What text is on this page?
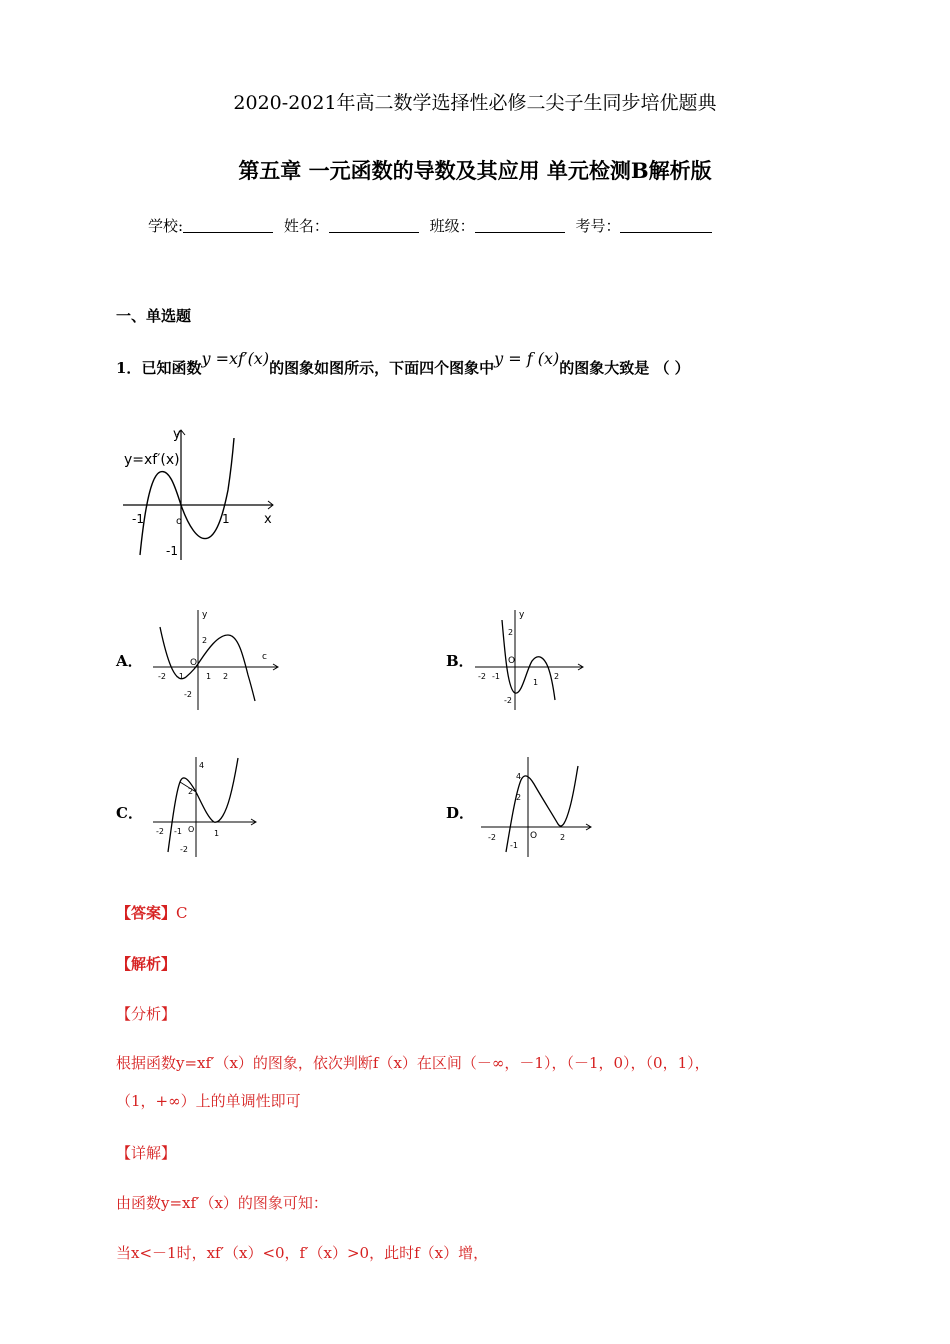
2020-2021年高二数学选择性必修二尖子生同步培优题典
第五章 一元函数的导数及其应用 单元检测B解析版
学校:	姓名：	班级：	考号：
一、单选题
1．已知函数y =xf′(x)的图象如图所示，下面四个图象中y = f (x)的图象大致是 （ ）
y=xf′(x)
y
x
-1	o	1
-1
A．
y
c
-2 -1
O
1 2
2
-2
B．
y
-2 -1
O
1
2
2
-2
C．
4
2
-2 -1 O 1
-2
D．
4
2
-2
-1
O	2
【答案】C
【解析】
【分析】
根据函数y=xf′（x）的图象，依次判断f（x）在区间（－∞，－1），（－1，0），（0，1），
（1，+∞）上的单调性即可
【详解】
由函数y=xf′（x）的图象可知：
当x<－1时，xf′（x）<0，f′（x）>0，此时f（x）增，
